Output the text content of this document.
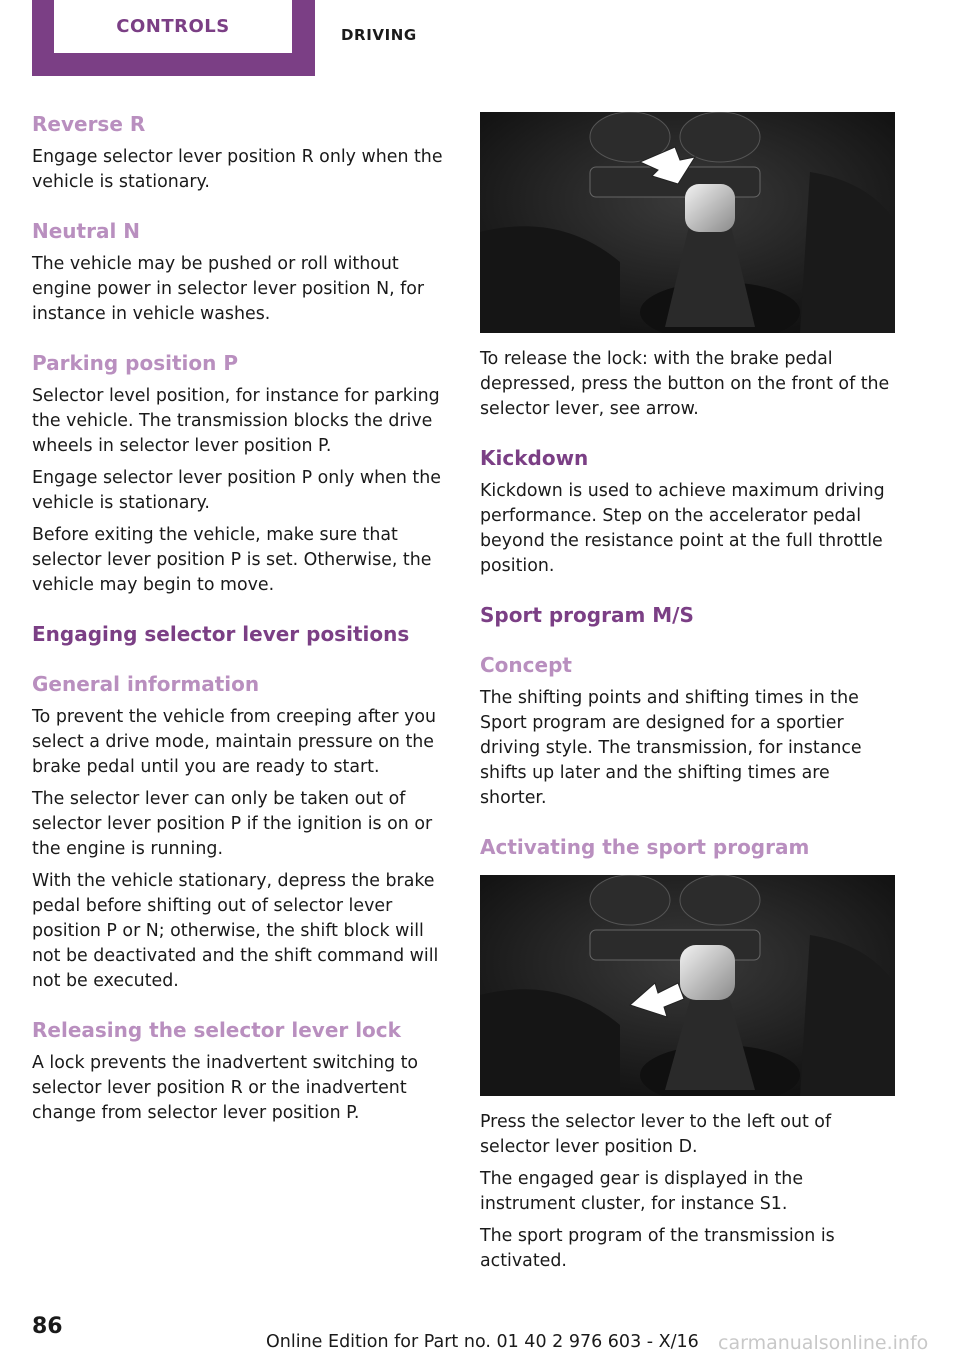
CONTROLS	DRIVING
Reverse R

Engage selector lever position R only when the vehicle is stationary.

Neutral N

The vehicle may be pushed or roll without engine power in selector lever position N, for instance in vehicle washes.

Parking position P

Selector level position, for instance for parking the vehicle. The transmission blocks the drive wheels in selector lever position P.

Engage selector lever position P only when the vehicle is stationary.

Before exiting the vehicle, make sure that selector lever position P is set. Otherwise, the vehicle may begin to move.

Engaging selector lever positions
General information

To prevent the vehicle from creeping after you select a drive mode, maintain pressure on the brake pedal until you are ready to start.

The selector lever can only be taken out of selector lever position P if the ignition is on or the engine is running.

With the vehicle stationary, depress the brake pedal before shifting out of selector lever position P or N; otherwise, the shift block will not be deactivated and the shift command will not be executed.

Releasing the selector lever lock

A lock prevents the inadvertent switching to selector lever position R or the inadvertent change from selector lever position P.

To release the lock: with the brake pedal depressed, press the button on the front of the selector lever, see arrow.

Kickdown

Kickdown is used to achieve maximum driving performance. Step on the accelerator pedal beyond the resistance point at the full throttle position.

Sport program M/S
Concept

The shifting points and shifting times in the Sport program are designed for a sportier driving style. The transmission, for instance shifts up later and the shifting times are shorter.

Activating the sport program

Press the selector lever to the left out of selector lever position D.

The engaged gear is displayed in the instrument cluster, for instance S1.

The sport program of the transmission is activated.

86
Online Edition for Part no. 01 40 2 976 603 - X/16 carmanualsonline.info
